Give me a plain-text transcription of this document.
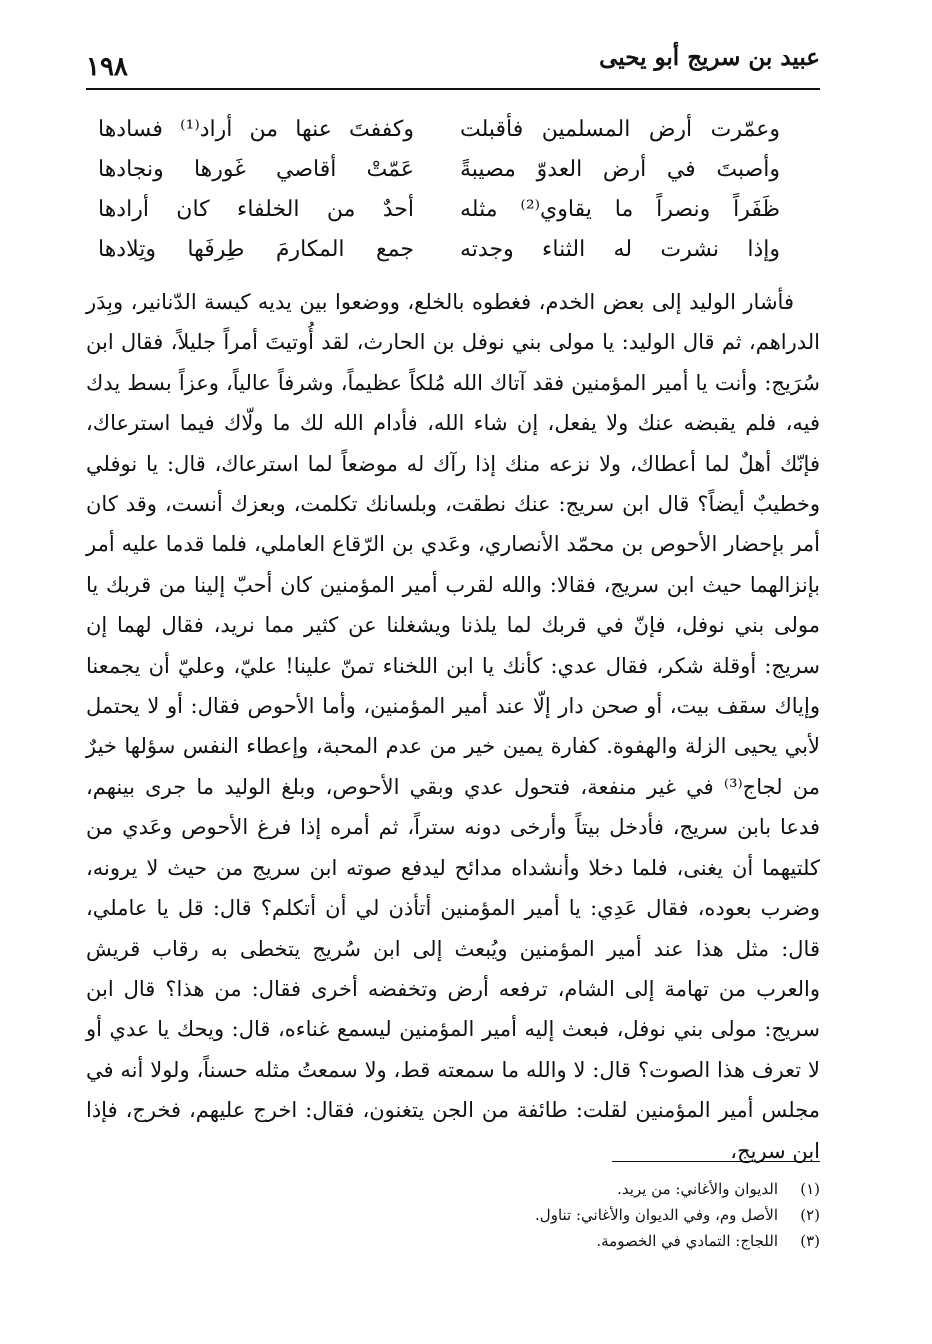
عبيد بن سريج أبو يحيى
١٩٨
وعمّرت أرض المسلمين فأقبلت
وكففتَ عنها من أراد⁽¹⁾ فسادها
وأصبتَ في أرض العدوّ مصيبةً
عَمّتْ أقاصي غَورها ونجادها
ظَفَراً ونصراً ما يقاوي⁽²⁾ مثله
أحدٌ من الخلفاء كان أرادها
وإذا نشرت له الثناء وجدته
جمع المكارمَ طِرفَها وتِلادها

فأشار الوليد إلى بعض الخدم، فغطوه بالخلع، ووضعوا بين يديه كيسة الدّنانير، وبِدَر الدراهم، ثم قال الوليد: يا مولى بني نوفل بن الحارث، لقد أُوتيتَ أمراً جليلاً، فقال ابن سُرَيج: وأنت يا أمير المؤمنين فقد آتاك الله مُلكاً عظيماً، وشرفاً عالياً، وعزاً بسط يدك فيه، فلم يقبضه عنك ولا يفعل، إن شاء الله، فأدام الله لك ما ولّاك فيما استرعاك، فإنّك أهلٌ لما أعطاك، ولا نزعه منك إذا رآك له موضعاً لما استرعاك، قال: يا نوفلي وخطيبٌ أيضاً؟ قال ابن سريج: عنك نطقت، وبلسانك تكلمت، وبعزك أنست، وقد كان أمر بإحضار الأحوص بن محمّد الأنصاري، وعَدي بن الرّقاع العاملي، فلما قدما عليه أمر بإنزالهما حيث ابن سريج، فقالا: والله لقرب أمير المؤمنين كان أحبّ إلينا من قربك يا مولى بني نوفل، فإنّ في قربك لما يلذنا ويشغلنا عن كثير مما نريد، فقال لهما إن سريج: أوقلة شكر، فقال عدي: كأنك يا ابن اللخناء تمنّ علينا! عليّ، وعليّ أن يجمعنا وإياك سقف بيت، أو صحن دار إلّا عند أمير المؤمنين، وأما الأحوص فقال: أو لا يحتمل لأبي يحيى الزلة والهفوة. كفارة يمين خير من عدم المحبة، وإعطاء النفس سؤلها خيرٌ من لجاج⁽³⁾ في غير منفعة، فتحول عدي وبقي الأحوص، وبلغ الوليد ما جرى بينهم، فدعا بابن سريج، فأدخل بيتاً وأرخى دونه ستراً، ثم أمره إذا فرغ الأحوص وعَدي من كلتيهما أن يغنى، فلما دخلا وأنشداه مدائح ليدفع صوته ابن سريج من حيث لا يرونه، وضرب بعوده، فقال عَدِي: يا أمير المؤمنين أتأذن لي أن أتكلم؟ قال: قل يا عاملي، قال: مثل هذا عند أمير المؤمنين ويُبعث إلى ابن سُريج يتخطى به رقاب قريش والعرب من تهامة إلى الشام، ترفعه أرض وتخفضه أخرى فقال: من هذا؟ قال ابن سريج: مولى بني نوفل، فبعث إليه أمير المؤمنين ليسمع غناءه، قال: ويحك يا عدي أو لا تعرف هذا الصوت؟ قال: لا والله ما سمعته قط، ولا سمعتُ مثله حسناً، ولولا أنه في مجلس أمير المؤمنين لقلت: طائفة من الجن يتغنون، فقال: اخرج عليهم، فخرج، فإذا ابن سريج،

(١)
الديوان والأغاني: من يريد.
(٢)
الأصل وم، وفي الديوان والأغاني: تناول.
(٣)
اللجاج: التمادي في الخصومة.
